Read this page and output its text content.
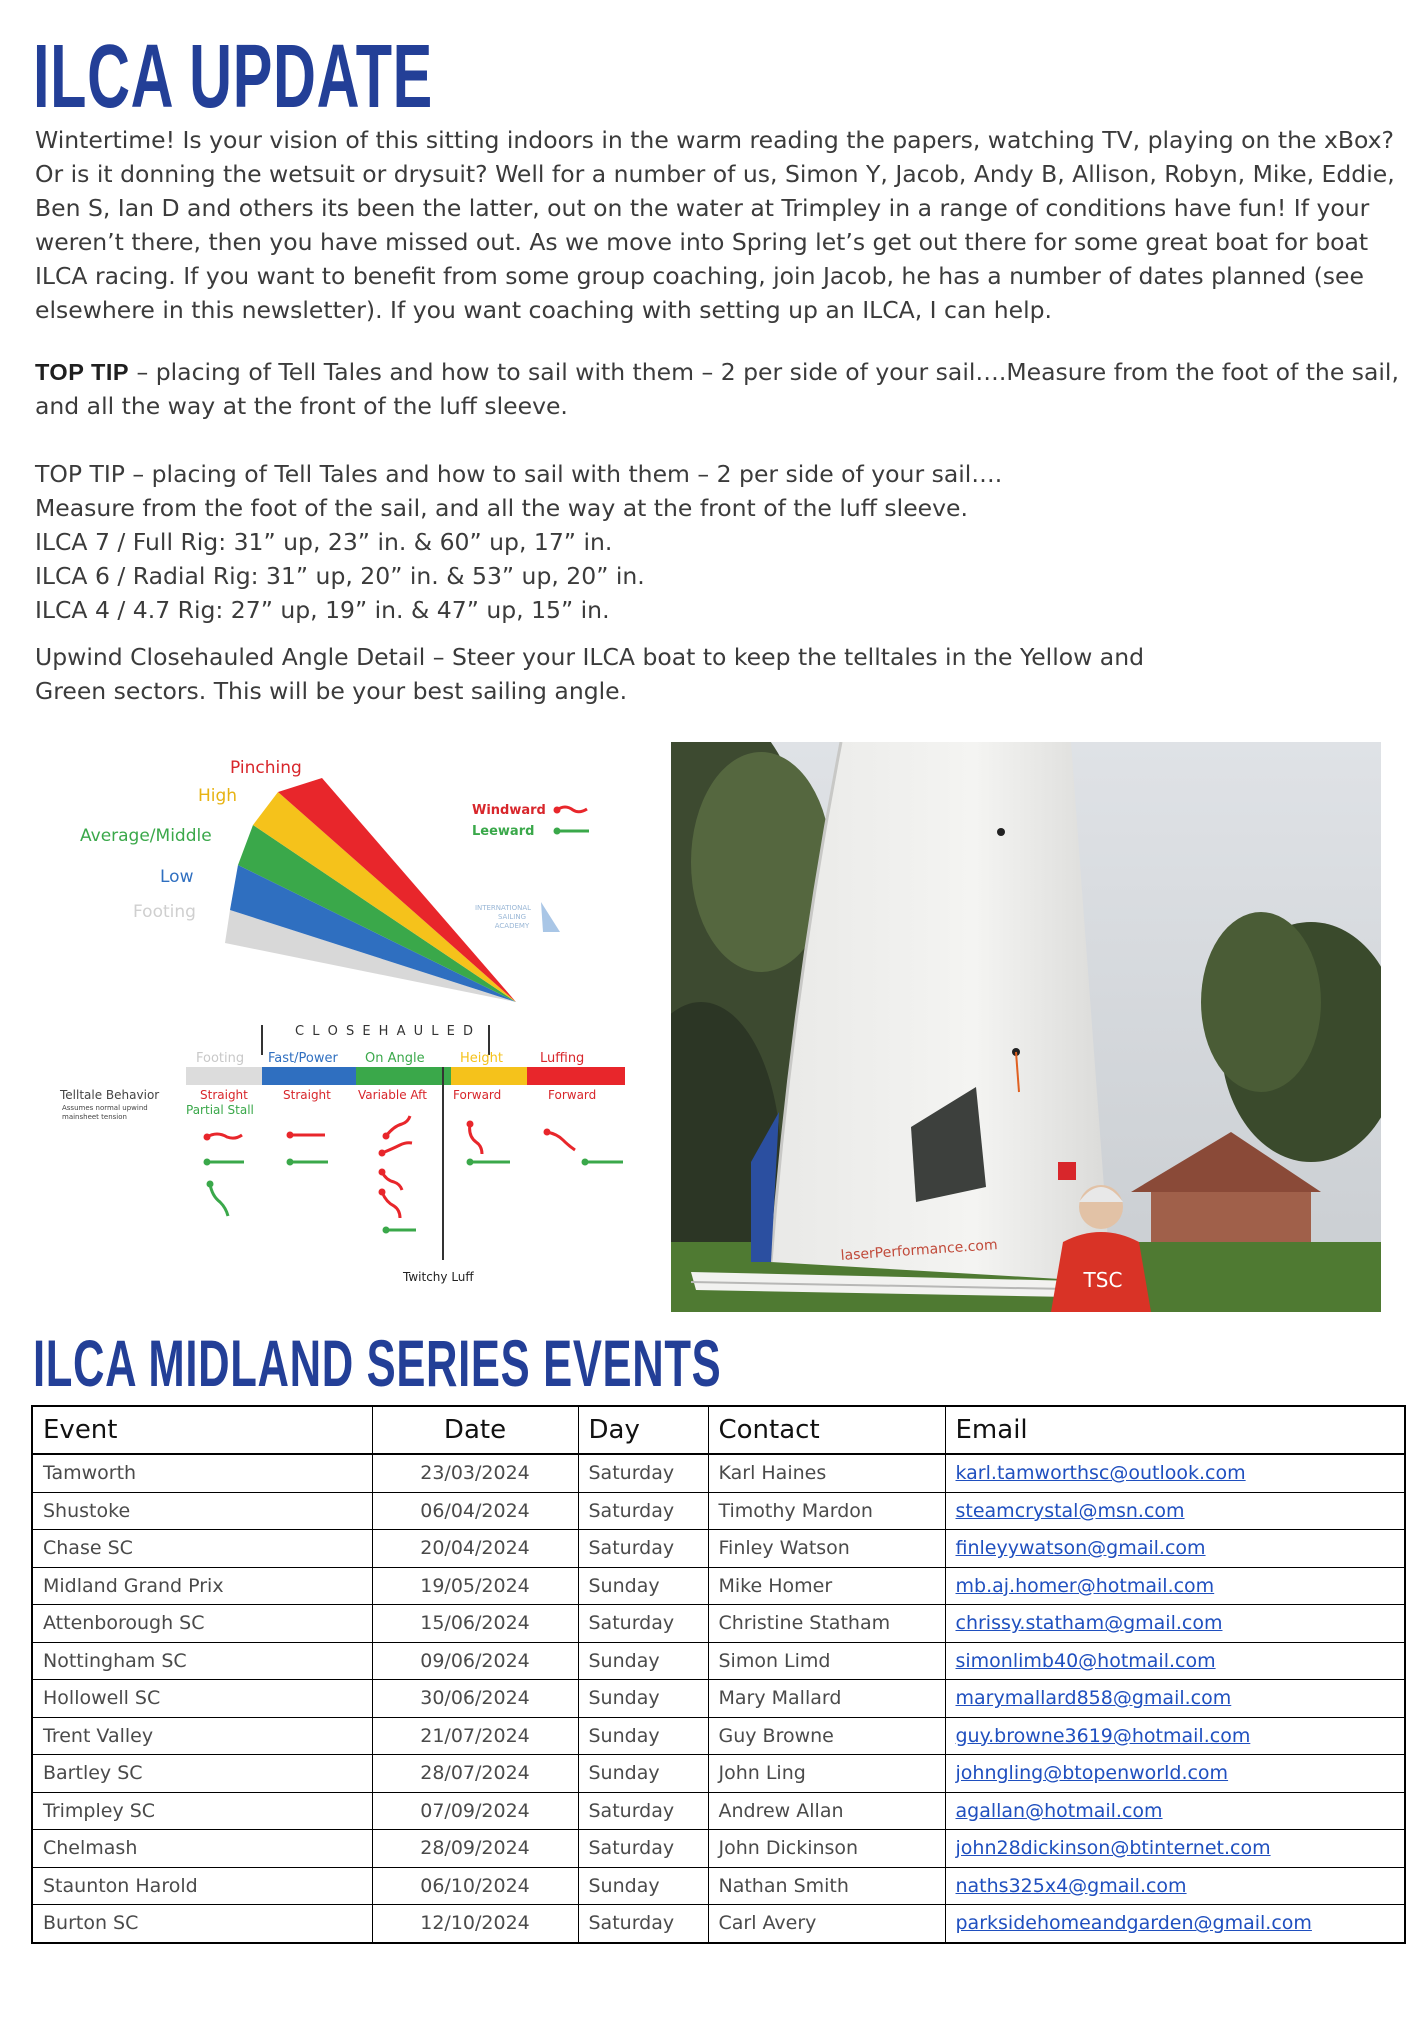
ILCA UPDATE
Wintertime! Is your vision of this sitting indoors in the warm reading the papers, watching TV, playing on the xBox? Or is it donning the wetsuit or drysuit? Well for a number of us, Simon Y, Jacob, Andy B, Allison, Robyn, Mike, Eddie, Ben S, Ian D and others its been the latter, out on the water at Trimpley in a range of conditions have fun! If your weren’t there, then you have missed out. As we move into Spring let’s get out there for some great boat for boat ILCA racing. If you want to benefit from some group coaching, join Jacob, he has a number of dates planned (see elsewhere in this newsletter). If you want coaching with setting up an ILCA, I can help.
TOP TIP – placing of Tell Tales and how to sail with them – 2 per side of your sail….Measure from the foot of the sail, and all the way at the front of the luff sleeve.
TOP TIP – placing of Tell Tales and how to sail with them – 2 per side of your sail….
Measure from the foot of the sail, and all the way at the front of the luff sleeve.
ILCA 7 / Full Rig: 31” up, 23” in. & 60” up, 17” in.
ILCA 6 / Radial Rig: 31” up, 20” in. & 53” up, 20” in.
ILCA 4 / 4.7 Rig: 27” up, 19” in. & 47” up, 15” in.
Upwind Closehauled Angle Detail – Steer your ILCA boat to keep the telltales in the Yellow and Green sectors. This will be your best sailing angle.
Pinching
High
Average/Middle
Low
Footing
Windward
Leeward
INTERNATIONAL
SAILING
ACADEMY
C L O S E H A U L E D
Footing Fast/Power On Angle	Height	Luffing
Telltale Behavior
Assumes normal upwind
mainsheet tension
Straight
Partial Stall
Straight Variable Aft Forward	Forward
Twitchy Luff
laserPerformance.com
TSC
ILCA MIDLAND SERIES EVENTS
Event	Date	Day	Contact	Email
Tamworth	23/03/2024	Saturday	Karl Haines	karl.tamworthsc@outlook.com
Shustoke	06/04/2024	Saturday	Timothy Mardon	steamcrystal@msn.com
Chase SC	20/04/2024	Saturday	Finley Watson	finleyywatson@gmail.com
Midland Grand Prix	19/05/2024	Sunday	Mike Homer	mb.aj.homer@hotmail.com
Attenborough SC	15/06/2024	Saturday	Christine Statham	chrissy.statham@gmail.com
Nottingham SC	09/06/2024	Sunday	Simon Limd	simonlimb40@hotmail.com
Hollowell SC	30/06/2024	Sunday	Mary Mallard	marymallard858@gmail.com
Trent Valley	21/07/2024	Sunday	Guy Browne	guy.browne3619@hotmail.com
Bartley SC	28/07/2024	Sunday	John Ling	johngling@btopenworld.com
Trimpley SC	07/09/2024	Saturday	Andrew Allan	agallan@hotmail.com
Chelmash	28/09/2024	Saturday	John Dickinson	john28dickinson@btinternet.com
Staunton Harold	06/10/2024	Sunday	Nathan Smith	naths325x4@gmail.com
Burton SC	12/10/2024	Saturday	Carl Avery	parksidehomeandgarden@gmail.com
